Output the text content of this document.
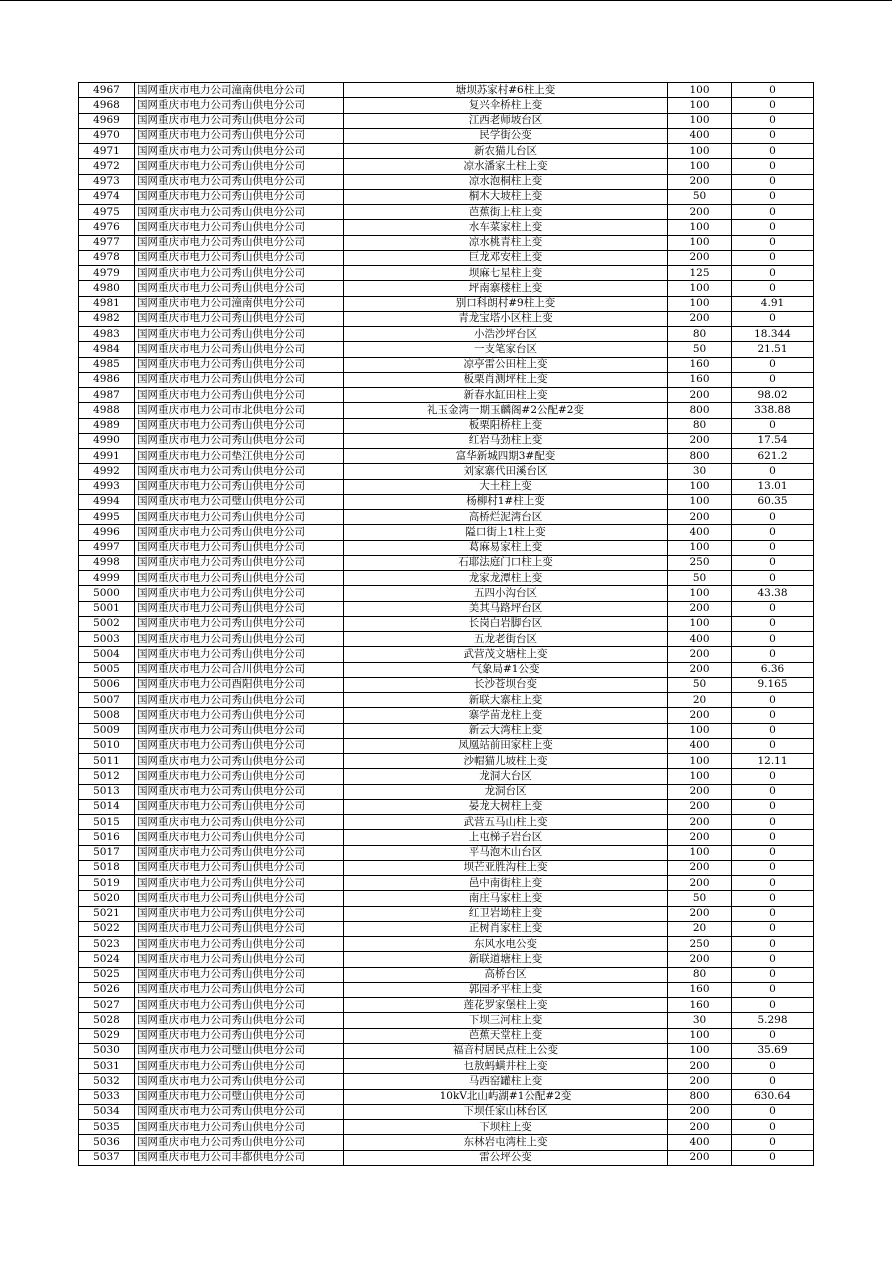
4967	国网重庆市电力公司潼南供电分公司	塘坝苏家村#6柱上变	100	0
4968	国网重庆市电力公司秀山供电分公司	复兴伞桥柱上变	100	0
4969	国网重庆市电力公司秀山供电分公司	江西老师坡台区	100	0
4970	国网重庆市电力公司秀山供电分公司	民学街公变	400	0
4971	国网重庆市电力公司秀山供电分公司	新农猫儿台区	100	0
4972	国网重庆市电力公司秀山供电分公司	凉水潘家土柱上变	100	0
4973	国网重庆市电力公司秀山供电分公司	凉水泡桐柱上变	200	0
4974	国网重庆市电力公司秀山供电分公司	桐木大坡柱上变	50	0
4975	国网重庆市电力公司秀山供电分公司	芭蕉街上柱上变	200	0
4976	国网重庆市电力公司秀山供电分公司	水车菜家柱上变	100	0
4977	国网重庆市电力公司秀山供电分公司	凉水桃青柱上变	100	0
4978	国网重庆市电力公司秀山供电分公司	巨龙邓安柱上变	200	0
4979	国网重庆市电力公司秀山供电分公司	坝麻七星柱上变	125	0
4980	国网重庆市电力公司秀山供电分公司	坪南寨楼柱上变	100	0
4981	国网重庆市电力公司潼南供电分公司	别口科朗村#9柱上变	100	4.91
4982	国网重庆市电力公司秀山供电分公司	青龙宝塔小区柱上变	200	0
4983	国网重庆市电力公司秀山供电分公司	小浩沙坪台区	80	18.344
4984	国网重庆市电力公司秀山供电分公司	一支笔家台区	50	21.51
4985	国网重庆市电力公司秀山供电分公司	凉亭雷公田柱上变	160	0
4986	国网重庆市电力公司秀山供电分公司	板栗肖测坪柱上变	160	0
4987	国网重庆市电力公司秀山供电分公司	新春水缸田柱上变	200	98.02
4988	国网重庆市电力公司市北供电分公司	礼玉金湾一期玉麟阁#2公配#2变	800	338.88
4989	国网重庆市电力公司秀山供电分公司	板栗阳桥柱上变	80	0
4990	国网重庆市电力公司秀山供电分公司	红岩马劲柱上变	200	17.54
4991	国网重庆市电力公司垫江供电分公司	富华新城四期3#配变	800	621.2
4992	国网重庆市电力公司秀山供电分公司	刘家寨代田溪台区	30	0
4993	国网重庆市电力公司秀山供电分公司	大土柱上变	100	13.01
4994	国网重庆市电力公司璧山供电分公司	杨柳村1#柱上变	100	60.35
4995	国网重庆市电力公司秀山供电分公司	高桥烂泥湾台区	200	0
4996	国网重庆市电力公司秀山供电分公司	隘口街上1柱上变	400	0
4997	国网重庆市电力公司秀山供电分公司	葛麻易家柱上变	100	0
4998	国网重庆市电力公司秀山供电分公司	石耶法庭门口柱上变	250	0
4999	国网重庆市电力公司秀山供电分公司	龙家龙潭柱上变	50	0
5000	国网重庆市电力公司秀山供电分公司	五四小沟台区	100	43.38
5001	国网重庆市电力公司秀山供电分公司	美其马路坪台区	200	0
5002	国网重庆市电力公司秀山供电分公司	长岗白岩脚台区	100	0
5003	国网重庆市电力公司秀山供电分公司	五龙老街台区	400	0
5004	国网重庆市电力公司秀山供电分公司	武营茂文塘柱上变	200	0
5005	国网重庆市电力公司合川供电分公司	气象局#1公变	200	6.36
5006	国网重庆市电力公司酉阳供电分公司	长沙苍坝台变	50	9.165
5007	国网重庆市电力公司秀山供电分公司	新联大寨柱上变	20	0
5008	国网重庆市电力公司秀山供电分公司	寨学苗龙柱上变	200	0
5009	国网重庆市电力公司秀山供电分公司	新云大湾柱上变	100	0
5010	国网重庆市电力公司秀山供电分公司	凤凰站前田家柱上变	400	0
5011	国网重庆市电力公司秀山供电分公司	沙帽猫儿坡柱上变	100	12.11
5012	国网重庆市电力公司秀山供电分公司	龙洞大台区	100	0
5013	国网重庆市电力公司秀山供电分公司	龙洞台区	200	0
5014	国网重庆市电力公司秀山供电分公司	晏龙大树柱上变	200	0
5015	国网重庆市电力公司秀山供电分公司	武营五马山柱上变	200	0
5016	国网重庆市电力公司秀山供电分公司	上屯梯子岩台区	200	0
5017	国网重庆市电力公司秀山供电分公司	平马泡木山台区	100	0
5018	国网重庆市电力公司秀山供电分公司	坝芒亚胜沟柱上变	200	0
5019	国网重庆市电力公司秀山供电分公司	邑中南街柱上变	200	0
5020	国网重庆市电力公司秀山供电分公司	南庄马家柱上变	50	0
5021	国网重庆市电力公司秀山供电分公司	红卫岩坳柱上变	200	0
5022	国网重庆市电力公司秀山供电分公司	正树肖家柱上变	20	0
5023	国网重庆市电力公司秀山供电分公司	东风水电公变	250	0
5024	国网重庆市电力公司秀山供电分公司	新联道塘柱上变	200	0
5025	国网重庆市电力公司秀山供电分公司	高桥台区	80	0
5026	国网重庆市电力公司秀山供电分公司	郭园矛平柱上变	160	0
5027	国网重庆市电力公司秀山供电分公司	莲花罗家堡柱上变	160	0
5028	国网重庆市电力公司秀山供电分公司	下坝三河柱上变	30	5.298
5029	国网重庆市电力公司秀山供电分公司	芭蕉天堂柱上变	100	0
5030	国网重庆市电力公司璧山供电分公司	福音村居民点柱上公变	100	35.69
5031	国网重庆市电力公司秀山供电分公司	乜敖蚂蟥井柱上变	200	0
5032	国网重庆市电力公司秀山供电分公司	马西窑罐柱上变	200	0
5033	国网重庆市电力公司璧山供电分公司	10kV北山屿湖#1公配#2变	800	630.64
5034	国网重庆市电力公司秀山供电分公司	下坝任家山林台区	200	0
5035	国网重庆市电力公司秀山供电分公司	下坝柱上变	200	0
5036	国网重庆市电力公司秀山供电分公司	东林岩屯湾柱上变	400	0
5037	国网重庆市电力公司丰都供电分公司	雷公坪公变	200	0
